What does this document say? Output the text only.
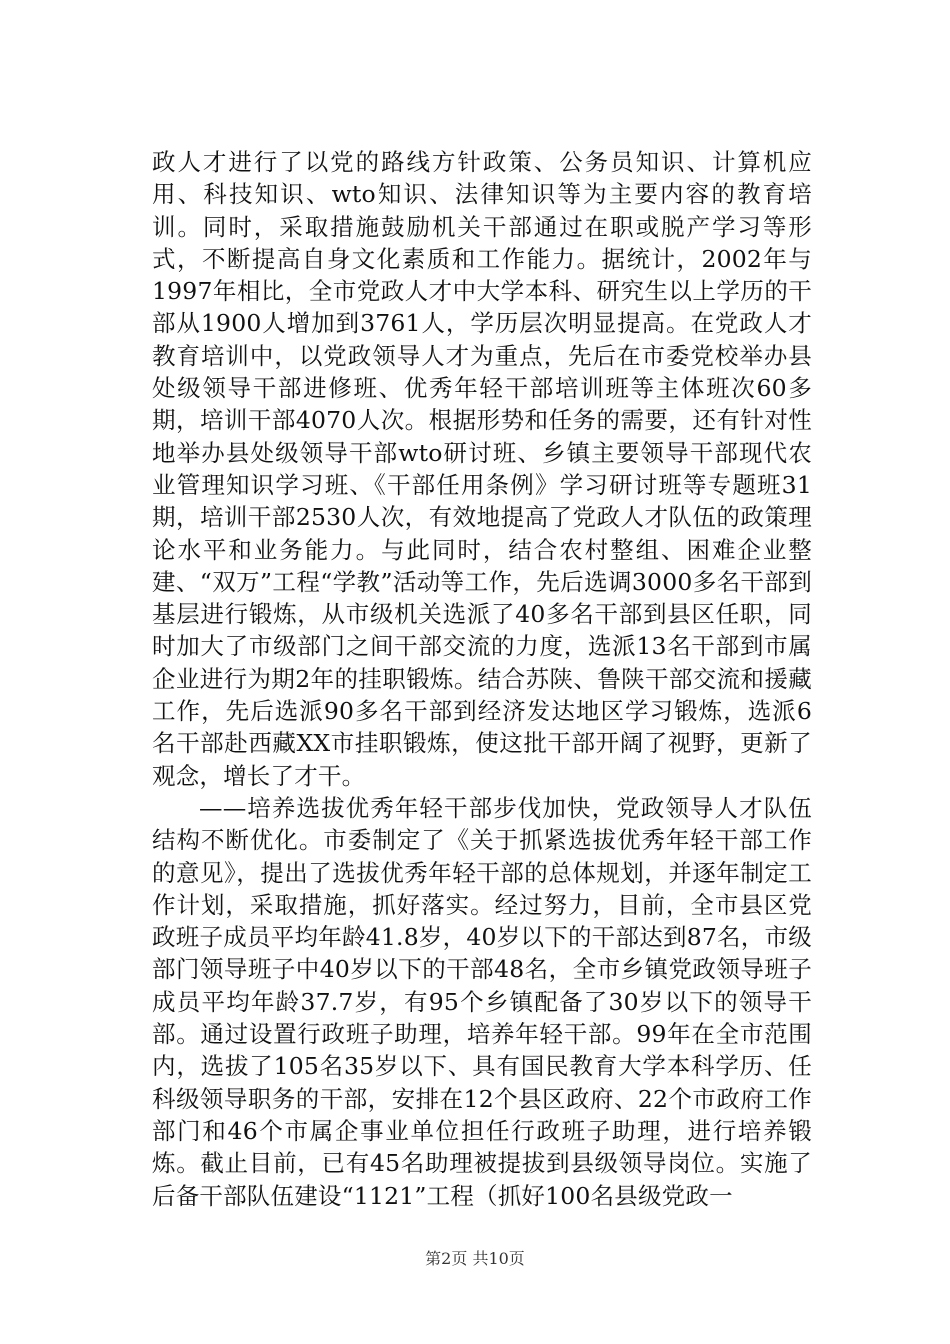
政人才进行了以党的路线方针政策、公务员知识、计算机应用、科技知识、wto知识、法律知识等为主要内容的教育培训。同时，采取措施鼓励机关干部通过在职或脱产学习等形式，不断提高自身文化素质和工作能力。据统计，2002年与1997年相比，全市党政人才中大学本科、研究生以上学历的干部从1900人增加到3761人，学历层次明显提高。在党政人才教育培训中，以党政领导人才为重点，先后在市委党校举办县处级领导干部进修班、优秀年轻干部培训班等主体班次60多期，培训干部4070人次。根据形势和任务的需要，还有针对性地举办县处级领导干部wto研讨班、乡镇主要领导干部现代农业管理知识学习班、《干部任用条例》学习研讨班等专题班31期，培训干部2530人次，有效地提高了党政人才队伍的政策理论水平和业务能力。与此同时，结合农村整组、困难企业整建、“双万”工程“学教”活动等工作，先后选调3000多名干部到基层进行锻炼，从市级机关选派了40多名干部到县区任职，同时加大了市级部门之间干部交流的力度，选派13名干部到市属企业进行为期2年的挂职锻炼。结合苏陕、鲁陕干部交流和援藏工作，先后选派90多名干部到经济发达地区学习锻炼，选派6名干部赴西藏XX市挂职锻炼，使这批干部开阔了视野，更新了观念，增长了才干。

——培养选拔优秀年轻干部步伐加快，党政领导人才队伍结构不断优化。市委制定了《关于抓紧选拔优秀年轻干部工作的意见》，提出了选拔优秀年轻干部的总体规划，并逐年制定工作计划，采取措施，抓好落实。经过努力，目前，全市县区党政班子成员平均年龄41.8岁，40岁以下的干部达到87名，市级部门领导班子中40岁以下的干部48名，全市乡镇党政领导班子成员平均年龄37.7岁，有95个乡镇配备了30岁以下的领导干部。通过设置行政班子助理，培养年轻干部。99年在全市范围内，选拔了105名35岁以下、具有国民教育大学本科学历、任科级领导职务的干部，安排在12个县区政府、22个市政府工作部门和46个市属企事业单位担任行政班子助理，进行培养锻炼。截止目前，已有45名助理被提拔到县级领导岗位。实施了后备干部队伍建设“1121”工程（抓好100名县级党政一

第2页 共10页
